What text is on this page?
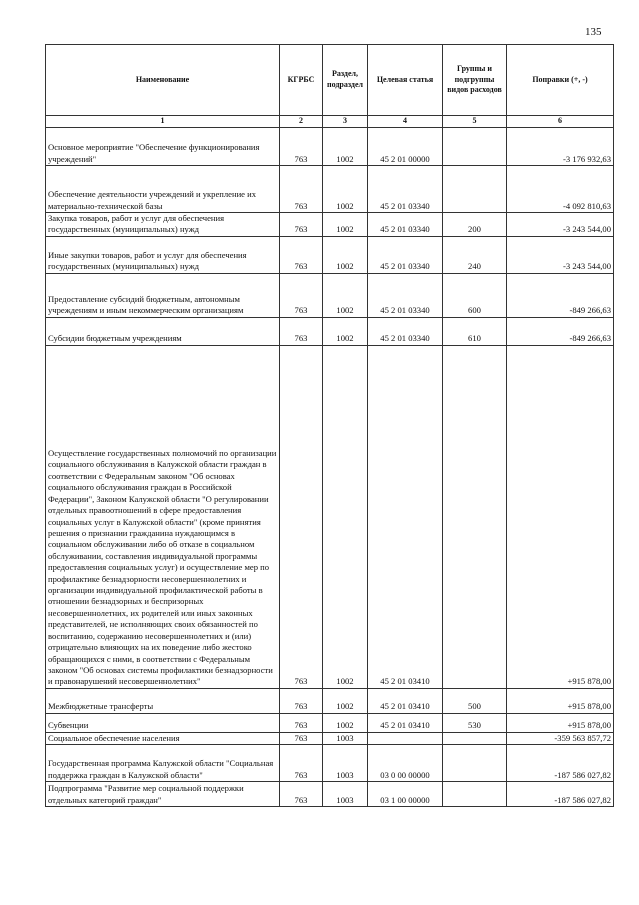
135
Наименование	КГРБС	Раздел, подраздел	Целевая статья	Группы и подгруппы видов расходов	Поправки (+, -)
1	2	3	4	5	6
Основное мероприятие "Обеспечение функционирования учреждений"	763	1002	45 2 01 00000		-3 176 932,63
Обеспечение деятельности учреждений и укрепление их материально-технической базы	763	1002	45 2 01 03340		-4 092 810,63
Закупка товаров, работ и услуг для обеспечения государственных (муниципальных) нужд	763	1002	45 2 01 03340	200	-3 243 544,00
Иные закупки товаров, работ и услуг для обеспечения государственных (муниципальных) нужд	763	1002	45 2 01 03340	240	-3 243 544,00
Предоставление субсидий бюджетным, автономным учреждениям и иным некоммерческим организациям	763	1002	45 2 01 03340	600	-849 266,63
Субсидии бюджетным учреждениям	763	1002	45 2 01 03340	610	-849 266,63
Осуществление государственных полномочий по организации социального обслуживания в Калужской области граждан в соответствии с Федеральным законом "Об основах социального обслуживания граждан в Российской Федерации", Законом Калужской области "О регулировании отдельных правоотношений в сфере предоставления социальных услуг в Калужской области" (кроме принятия решения о признании гражданина нуждающимся в социальном обслуживании либо об отказе в социальном обслуживании, составления индивидуальной программы предоставления социальных услуг) и осуществление мер по профилактике безнадзорности несовершеннолетних и организации индивидуальной профилактической работы в отношении безнадзорных и беспризорных несовершеннолетних, их родителей или иных законных представителей, не исполняющих своих обязанностей по воспитанию, содержанию несовершеннолетних и (или) отрицательно влияющих на их поведение либо жестоко обращающихся с ними, в соответствии с Федеральным законом "Об основах системы профилактики безнадзорности и правонарушений несовершеннолетних"	763	1002	45 2 01 03410		+915 878,00
Межбюджетные трансферты	763	1002	45 2 01 03410	500	+915 878,00
Субвенции	763	1002	45 2 01 03410	530	+915 878,00
Социальное обеспечение населения	763	1003			-359 563 857,72
Государственная программа Калужской области "Социальная поддержка граждан в Калужской области"	763	1003	03 0 00 00000		-187 586 027,82
Подпрограмма "Развитие мер социальной поддержки отдельных категорий граждан"	763	1003	03 1 00 00000		-187 586 027,82
